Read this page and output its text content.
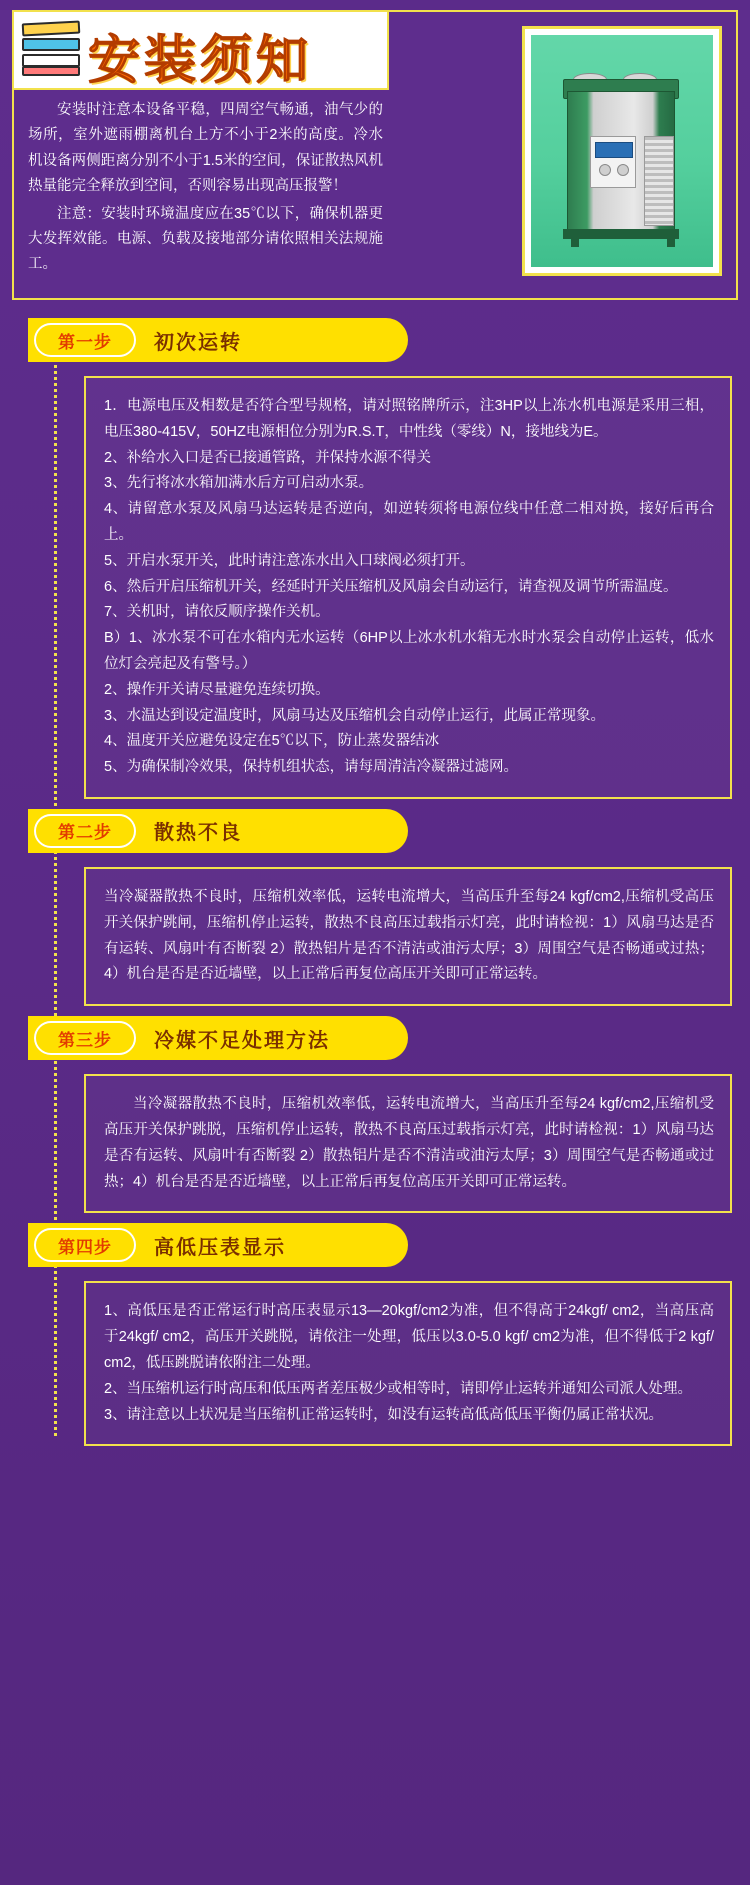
安装须知

安装时注意本设备平稳，四周空气畅通，油气少的场所，室外遮雨棚离机台上方不小于2米的高度。冷水机设备两侧距离分别不小于1.5米的空间，保证散热风机热量能完全释放到空间，否则容易出现高压报警！

注意：安装时环境温度应在35℃以下，确保机器更大发挥效能。电源、负载及接地部分请依照相关法规施工。

第一步	初次运转

1．电源电压及相数是否符合型号规格，请对照铭牌所示，注3HP以上冻水机电源是采用三相，电压380-415V，50HZ电源相位分别为R.S.T，中性线（零线）N，接地线为E。

2、补给水入口是否已接通管路，并保持水源不得关

3、先行将冰水箱加满水后方可启动水泵。

4、请留意水泵及风扇马达运转是否逆向，如逆转须将电源位线中任意二相对换，接好后再合上。

5、开启水泵开关，此时请注意冻水出入口球阀必须打开。

6、然后开启压缩机开关，经延时开关压缩机及风扇会自动运行，请查视及调节所需温度。

7、关机时，请依反顺序操作关机。

B）1、冰水泵不可在水箱内无水运转（6HP以上冰水机水箱无水时水泵会自动停止运转，低水位灯会亮起及有警号。）

2、操作开关请尽量避免连续切换。

3、水温达到设定温度时，风扇马达及压缩机会自动停止运行，此属正常现象。

4、温度开关应避免设定在5℃以下，防止蒸发器结冰

5、为确保制冷效果，保持机组状态，请每周清洁冷凝器过滤网。

第二步	散热不良

当冷凝器散热不良时，压缩机效率低，运转电流增大，当高压升至每24 kgf/cm2,压缩机受高压开关保护跳闸，压缩机停止运转，散热不良高压过载指示灯亮，此时请检视：1）风扇马达是否有运转、风扇叶有否断裂 2）散热铝片是否不清洁或油污太厚；3）周围空气是否畅通或过热；4）机台是否是否近墙壁，以上正常后再复位高压开关即可正常运转。

第三步	冷媒不足处理方法

当冷凝器散热不良时，压缩机效率低，运转电流增大，当高压升至每24 kgf/cm2,压缩机受高压开关保护跳脱，压缩机停止运转，散热不良高压过载指示灯亮，此时请检视：1）风扇马达是否有运转、风扇叶有否断裂 2）散热铝片是否不清洁或油污太厚；3）周围空气是否畅通或过热；4）机台是否是否近墙壁，以上正常后再复位高压开关即可正常运转。

第四步	高低压表显示

1、高低压是否正常运行时高压表显示13—20kgf/cm2为准，但不得高于24kgf/ cm2，当高压高于24kgf/ cm2，高压开关跳脱，请依注一处理，低压以3.0-5.0 kgf/ cm2为准，但不得低于2 kgf/ cm2，低压跳脱请依附注二处理。

2、当压缩机运行时高压和低压两者差压极少或相等时，请即停止运转并通知公司派人处理。

3、请注意以上状况是当压缩机正常运转时，如没有运转高低高低压平衡仍属正常状况。
